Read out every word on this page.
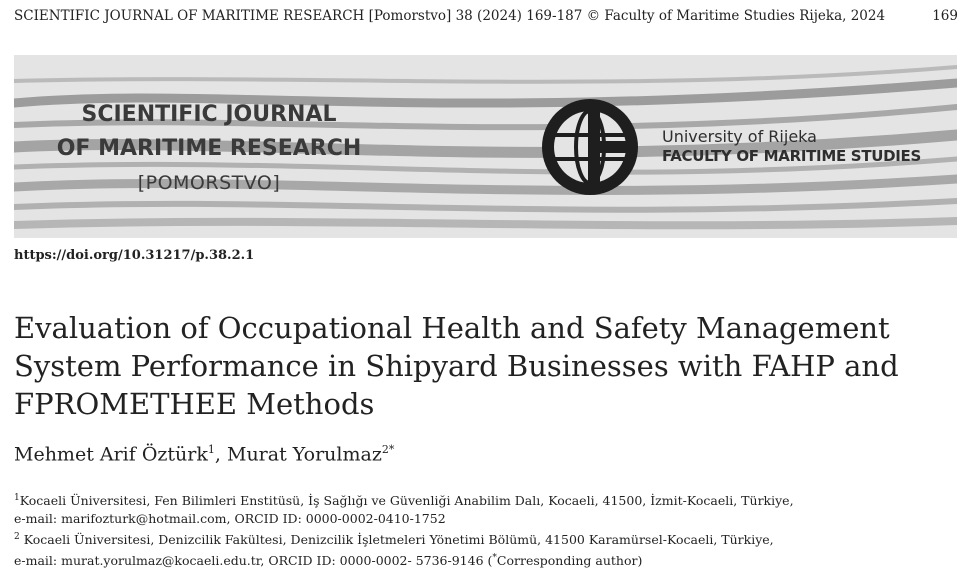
SCIENTIFIC JOURNAL OF MARITIME RESEARCH [Pomorstvo] 38 (2024) 169-187 © Faculty of Maritime Studies Rijeka, 2024	169
SCIENTIFIC JOURNAL
OF MARITIME RESEARCH
[POMORSTVO]
University of Rijeka
FACULTY OF MARITIME STUDIES
https://doi.org/10.31217/p.38.2.1
Evaluation of Occupational Health and Safety Management System Performance in Shipyard Businesses with FAHP and FPROMETHEE Methods
Mehmet Arif Öztürk$^1$, Murat Yorulmaz$^{2*}$
$^1$Kocaeli Üniversitesi, Fen Bilimleri Enstitüsü, İş Sağlığı ve Güvenliği Anabilim Dalı, Kocaeli, 41500, İzmit-Kocaeli, Türkiye,
e-mail: marifozturk@hotmail.com, ORCID ID: 0000-0002-0410-1752
$^2$ Kocaeli Üniversitesi, Denizcilik Fakültesi, Denizcilik İşletmeleri Yönetimi Bölümü, 41500 Karamürsel-Kocaeli, Türkiye,
e-mail: murat.yorulmaz@kocaeli.edu.tr, ORCID ID: 0000-0002- 5736-9146 (*Corresponding author)
